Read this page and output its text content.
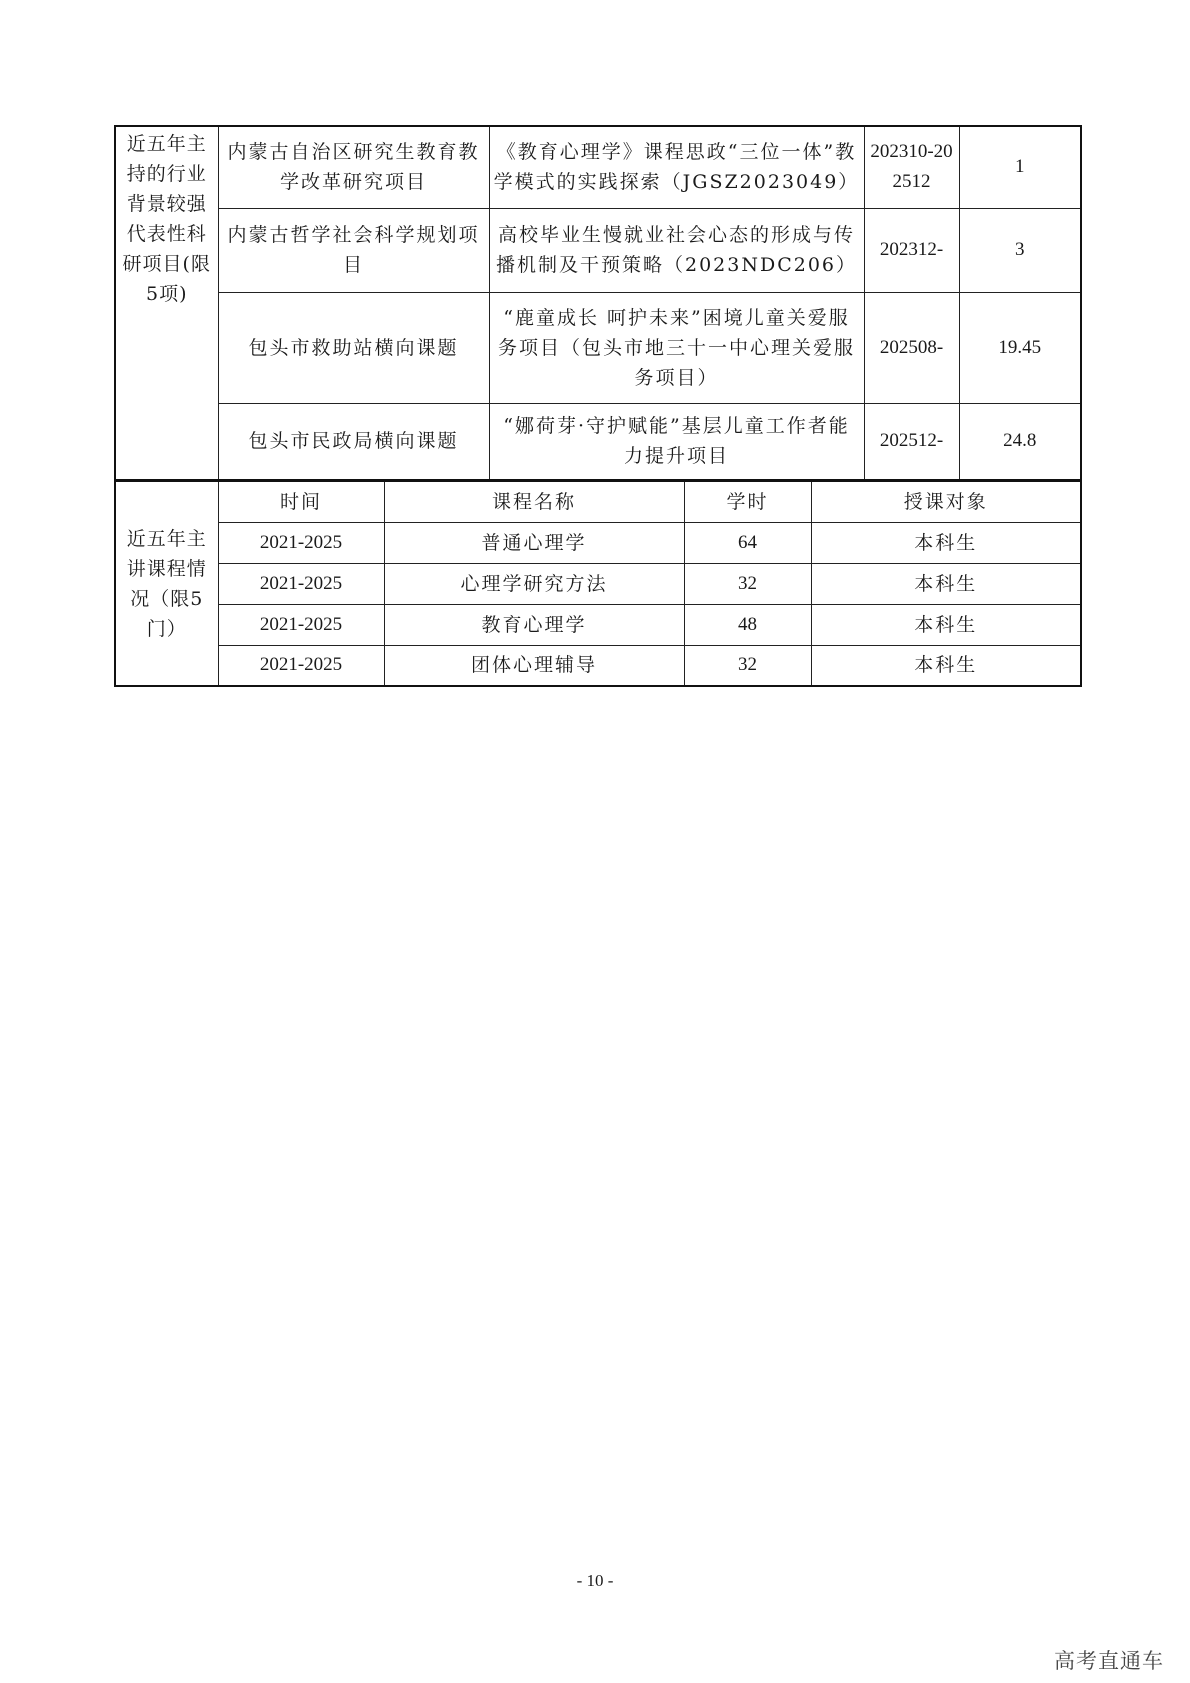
近五年主持的行业背景较强代表性科研项目(限5项)	内蒙古自治区研究生教育教学改革研究项目	《教育心理学》课程思政“三位一体”教学模式的实践探索（JGSZ2023049）	202310-202512	1
	内蒙古哲学社会科学规划项目	高校毕业生慢就业社会心态的形成与传播机制及干预策略（2023NDC206）	202312-	3
	包头市救助站横向课题	“鹿童成长 呵护未来”困境儿童关爱服务项目（包头市地三十一中心理关爱服务项目）	202508-	19.45
	包头市民政局横向课题	“娜荷芽·守护赋能”基层儿童工作者能力提升项目	202512-	24.8
近五年主讲课程情况（限5门）	时间	课程名称	学时	授课对象
	2021-2025	普通心理学	64	本科生
	2021-2025	心理学研究方法	32	本科生
	2021-2025	教育心理学	48	本科生
	2021-2025	团体心理辅导	32	本科生
- 10 -
高考直通车
